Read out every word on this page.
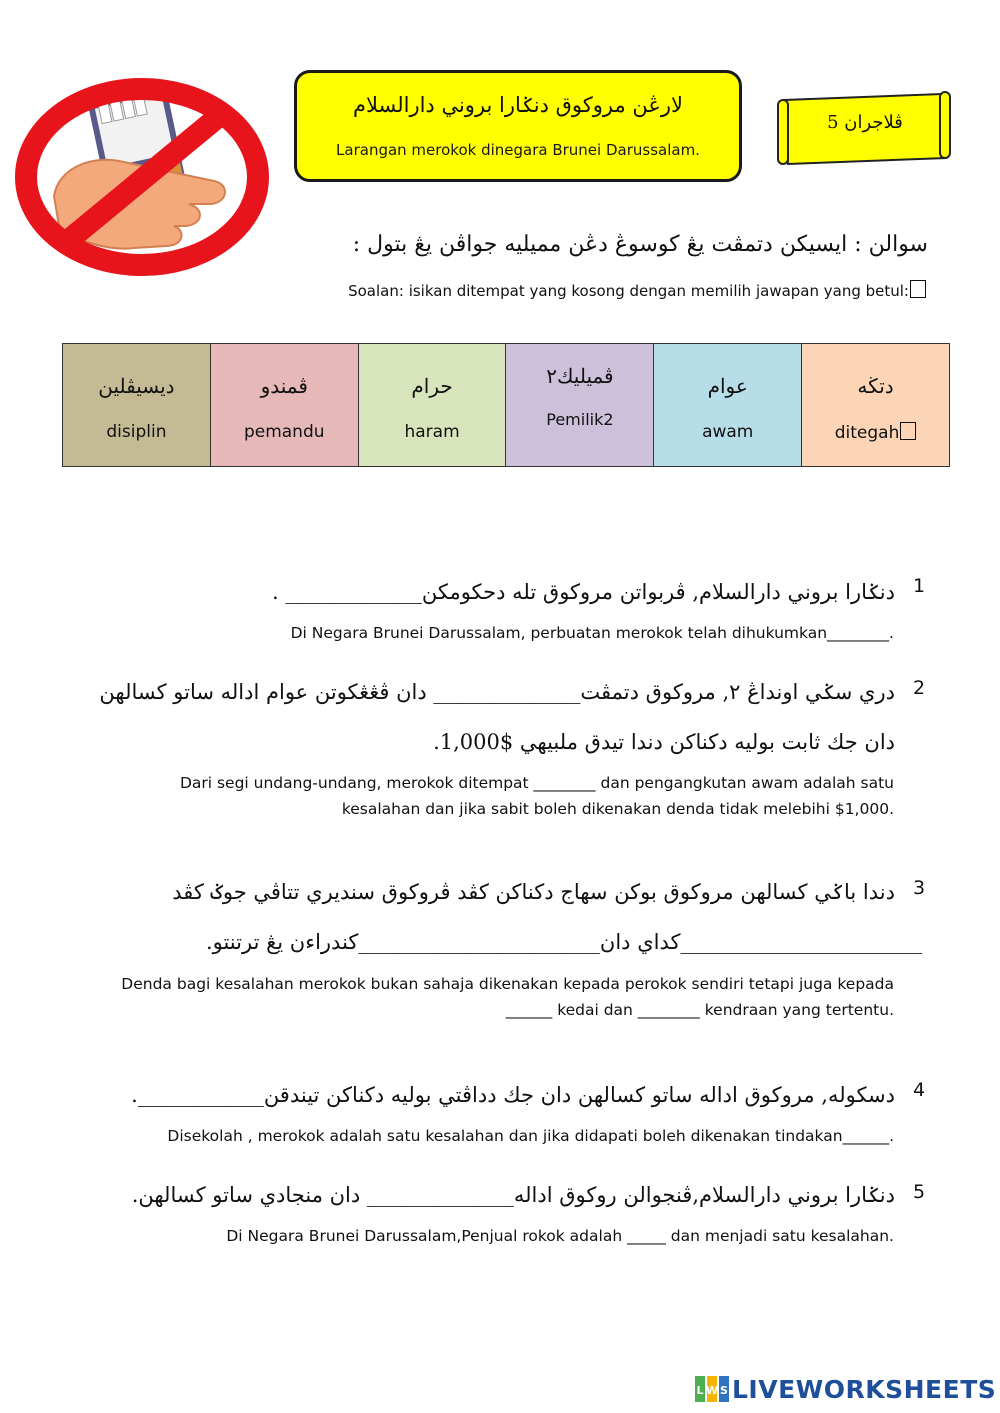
لارڠن مروكوق دنݢارا بروني دارالسلام
Larangan merokok dinegara Brunei Darussalam.
ڤلاجران 5
سوالن : ايسيكن دتمڤت يڠ كوسوڠ دڠن مميليه جواڤن يڠ بتول :
Soalan: isikan ditempat yang kosong dengan memilih jawapan yang betul:
ديسيڤلين
disiplin
ڤمندو
pemandu
حرام
haram
ڤميليك٢
Pemilik2
عوام
awam
دتڬه
ditegah
1
دنݢارا بروني دارالسلام, ڤربواتن مروكوق تله دحكومكن_____________ .
Di Negara Brunei Darussalam, perbuatan merokok telah dihukumkan________.
2
دري سݢي اونداڠ ٢, مروكوق دتمڤت______________ دان ڤڠڠكوتن عوام اداله ساتو كسالهن
دان جك ثابت بوليه دكناكن دندا تيدق ملبيهي $1,000.
Dari segi undang-undang, merokok ditempat ________ dan pengangkutan awam adalah satu
kesalahan dan jika sabit boleh dikenakan denda tidak melebihi $1,000.
3
دندا باݢي كسالهن مروكوق بوكن سهاج دكناكن كڤد ڤروكوق سنديري تتاڤي جوݢ كڤد
_______________________كداي دان_______________________كندراءن يڠ ترتنتو.
Denda bagi kesalahan merokok bukan sahaja dikenakan kepada perokok sendiri tetapi juga kepada
______ kedai dan ________ kendraan yang tertentu.
4
دسكوله, مروكوق اداله ساتو كسالهن دان جك دداڤتي بوليه دكناكن تيندقن____________.
Disekolah , merokok adalah satu kesalahan dan jika didapati boleh dikenakan tindakan______.
5
دنݢارا بروني دارالسلام,ڤنجوالن روكوق اداله______________ دان منجادي ساتو كسالهن.
Di Negara Brunei Darussalam,Penjual rokok adalah _____ dan menjadi satu kesalahan.
L W S LIVEWORKSHEETS
